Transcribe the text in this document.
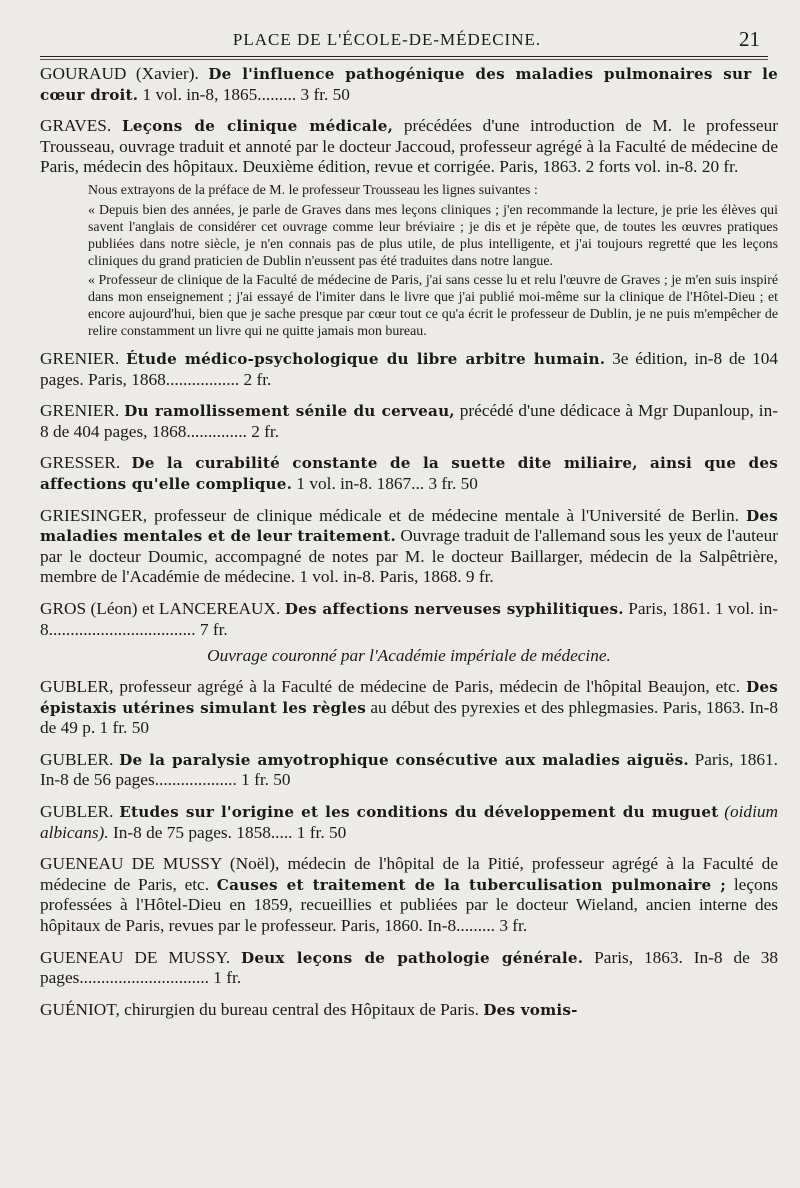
PLACE DE L'ÉCOLE-DE-MÉDECINE.	21

GOURAUD (Xavier). De l'influence pathogénique des maladies pulmonaires sur le cœur droit. 1 vol. in-8, 1865......... 3 fr. 50

GRAVES. Leçons de clinique médicale, précédées d'une introduction de M. le professeur Trousseau, ouvrage traduit et annoté par le docteur Jaccoud, professeur agrégé à la Faculté de médecine de Paris, médecin des hôpitaux. Deuxième édition, revue et corrigée. Paris, 1863. 2 forts vol. in-8. 20 fr.

Nous extrayons de la préface de M. le professeur Trousseau les lignes suivantes :

« Depuis bien des années, je parle de Graves dans mes leçons cliniques ; j'en recommande la lecture, je prie les élèves qui savent l'anglais de considérer cet ouvrage comme leur bréviaire ; je dis et je répète que, de toutes les œuvres pratiques publiées dans notre siècle, je n'en connais pas de plus utile, de plus intelligente, et j'ai toujours regretté que les leçons cliniques du grand praticien de Dublin n'eussent pas été traduites dans notre langue.

« Professeur de clinique de la Faculté de médecine de Paris, j'ai sans cesse lu et relu l'œuvre de Graves ; je m'en suis inspiré dans mon enseignement ; j'ai essayé de l'imiter dans le livre que j'ai publié moi-même sur la clinique de l'Hôtel-Dieu ; et encore aujourd'hui, bien que je sache presque par cœur tout ce qu'a écrit le professeur de Dublin, je ne puis m'empêcher de relire constamment un livre qui ne quitte jamais mon bureau.

GRENIER. Étude médico-psychologique du libre arbitre humain. 3e édition, in-8 de 104 pages. Paris, 1868................. 2 fr.

GRENIER. Du ramollissement sénile du cerveau, précédé d'une dédicace à Mgr Dupanloup, in-8 de 404 pages, 1868.............. 2 fr.

GRESSER. De la curabilité constante de la suette dite miliaire, ainsi que des affections qu'elle complique. 1 vol. in-8. 1867... 3 fr. 50

GRIESINGER, professeur de clinique médicale et de médecine mentale à l'Université de Berlin. Des maladies mentales et de leur traitement. Ouvrage traduit de l'allemand sous les yeux de l'auteur par le docteur Doumic, accompagné de notes par M. le docteur Baillarger, médecin de la Salpêtrière, membre de l'Académie de médecine. 1 vol. in-8. Paris, 1868. 9 fr.

GROS (Léon) et LANCEREAUX. Des affections nerveuses syphilitiques. Paris, 1861. 1 vol. in-8.................................. 7 fr.

Ouvrage couronné par l'Académie impériale de médecine.

GUBLER, professeur agrégé à la Faculté de médecine de Paris, médecin de l'hôpital Beaujon, etc. Des épistaxis utérines simulant les règles au début des pyrexies et des phlegmasies. Paris, 1863. In-8 de 49 p. 1 fr. 50

GUBLER. De la paralysie amyotrophique consécutive aux maladies aiguës. Paris, 1861. In-8 de 56 pages................... 1 fr. 50

GUBLER. Etudes sur l'origine et les conditions du développement du muguet (oidium albicans). In-8 de 75 pages. 1858..... 1 fr. 50

GUENEAU DE MUSSY (Noël), médecin de l'hôpital de la Pitié, professeur agrégé à la Faculté de médecine de Paris, etc. Causes et traitement de la tuberculisation pulmonaire ; leçons professées à l'Hôtel-Dieu en 1859, recueillies et publiées par le docteur Wieland, ancien interne des hôpitaux de Paris, revues par le professeur. Paris, 1860. In-8......... 3 fr.

GUENEAU DE MUSSY. Deux leçons de pathologie générale. Paris, 1863. In-8 de 38 pages.............................. 1 fr.

GUÉNIOT, chirurgien du bureau central des Hôpitaux de Paris. Des vomis-
